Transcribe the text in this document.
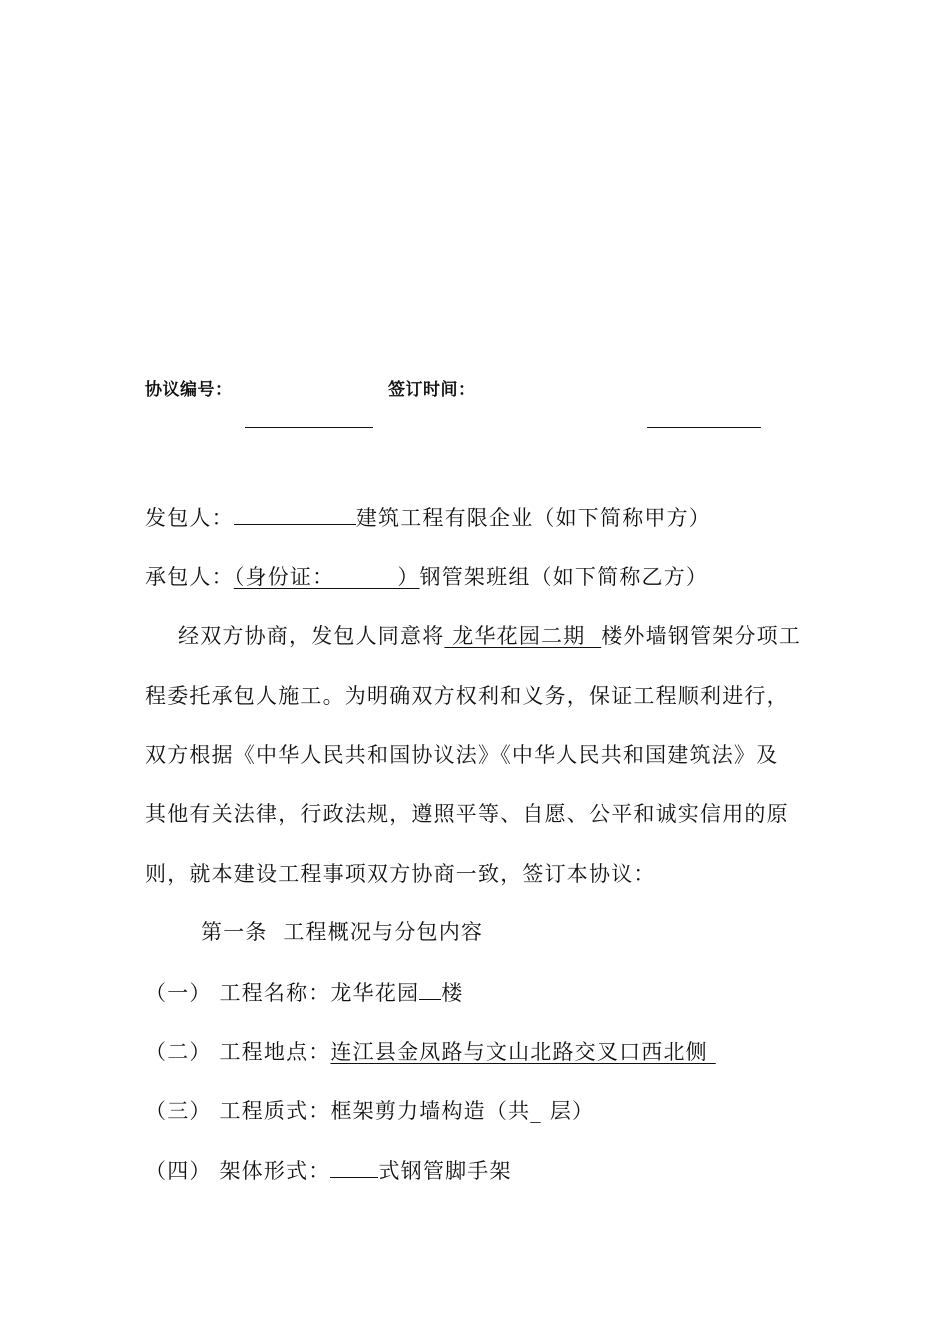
协议编号：	签订时间：
发包人：	建筑工程有限企业（如下简称甲方）
承包人：（身份证：        ）钢管架班组（如下简称乙方）
经双方协商，发包人同意将 龙华花园二期  楼外墙钢管架分项工
程委托承包人施工。为明确双方权利和义务，保证工程顺利进行，
双方根据《中华人民共和国协议法》《中华人民共和国建筑法》及
其他有关法律，行政法规，遵照平等、自愿、公平和诚实信用的原
则，就本建设工程事项双方协商一致，签订本协议：
第一条  工程概况与分包内容
（一） 工程名称：龙华花园 楼
（二） 工程地点：连江县金凤路与文山北路交叉口西北侧
（三） 工程质式：框架剪力墙构造（共_ 层）
（四） 架体形式： 式钢管脚手架
